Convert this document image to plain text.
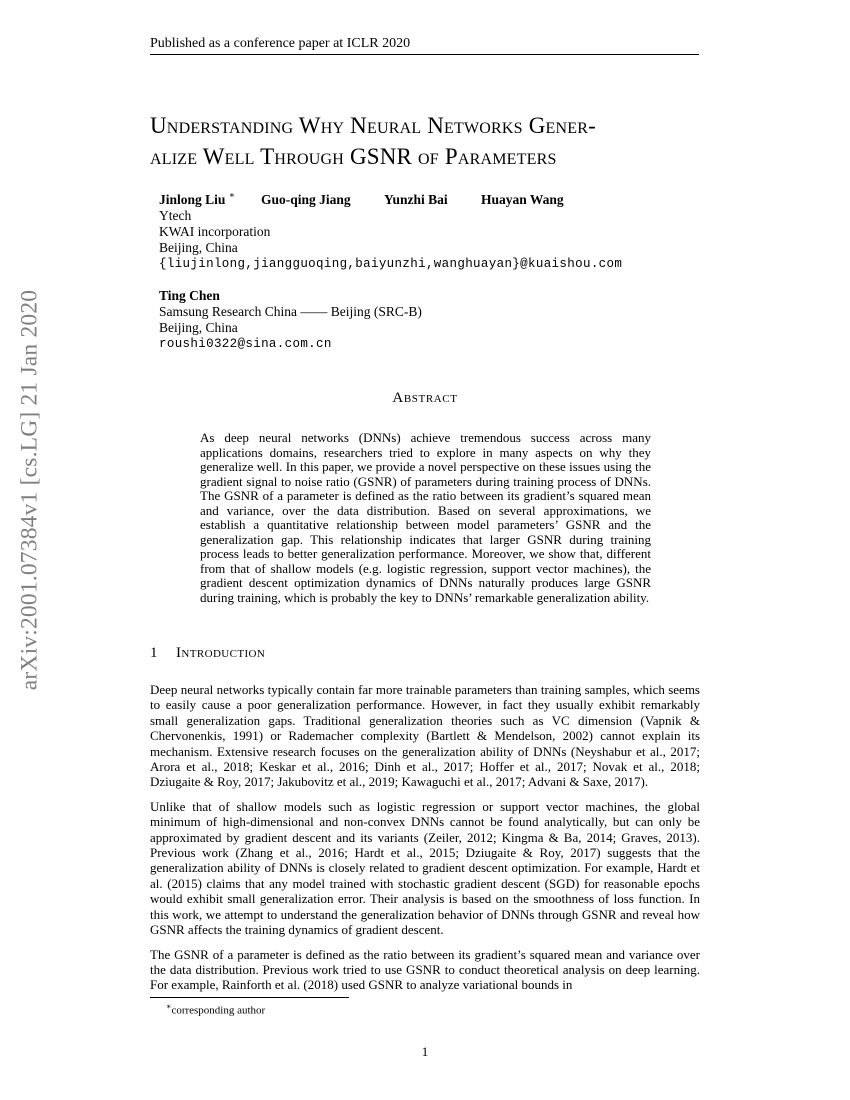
Published as a conference paper at ICLR 2020
arXiv:2001.07384v1 [cs.LG] 21 Jan 2020
Understanding Why Neural Networks Gener-
alize Well Through GSNR of Parameters
Jinlong Liu ∗ Guo-qing Jiang Yunzhi Bai Huayan Wang
Ytech
KWAI incorporation
Beijing, China
{liujinlong,jiangguoqing,baiyunzhi,wanghuayan}@kuaishou.com
Ting Chen
Samsung Research China —— Beijing (SRC-B)
Beijing, China
roushi0322@sina.com.cn
Abstract
As deep neural networks (DNNs) achieve tremendous success across many applications domains, researchers tried to explore in many aspects on why they generalize well. In this paper, we provide a novel perspective on these issues using the gradient signal to noise ratio (GSNR) of parameters during training process of DNNs. The GSNR of a parameter is defined as the ratio between its gradient’s squared mean and variance, over the data distribution. Based on several approximations, we establish a quantitative relationship between model parameters’ GSNR and the generalization gap. This relationship indicates that larger GSNR during training process leads to better generalization performance. Moreover, we show that, different from that of shallow models (e.g. logistic regression, support vector machines), the gradient descent optimization dynamics of DNNs naturally produces large GSNR during training, which is probably the key to DNNs’ remarkable generalization ability.
1 Introduction

Deep neural networks typically contain far more trainable parameters than training samples, which seems to easily cause a poor generalization performance. However, in fact they usually exhibit remarkably small generalization gaps. Traditional generalization theories such as VC dimension (Vapnik & Chervonenkis, 1991) or Rademacher complexity (Bartlett & Mendelson, 2002) cannot explain its mechanism. Extensive research focuses on the generalization ability of DNNs (Neyshabur et al., 2017; Arora et al., 2018; Keskar et al., 2016; Dinh et al., 2017; Hoffer et al., 2017; Novak et al., 2018; Dziugaite & Roy, 2017; Jakubovitz et al., 2019; Kawaguchi et al., 2017; Advani & Saxe, 2017).

Unlike that of shallow models such as logistic regression or support vector machines, the global minimum of high-dimensional and non-convex DNNs cannot be found analytically, but can only be approximated by gradient descent and its variants (Zeiler, 2012; Kingma & Ba, 2014; Graves, 2013). Previous work (Zhang et al., 2016; Hardt et al., 2015; Dziugaite & Roy, 2017) suggests that the generalization ability of DNNs is closely related to gradient descent optimization. For example, Hardt et al. (2015) claims that any model trained with stochastic gradient descent (SGD) for reasonable epochs would exhibit small generalization error. Their analysis is based on the smoothness of loss function. In this work, we attempt to understand the generalization behavior of DNNs through GSNR and reveal how GSNR affects the training dynamics of gradient descent.

The GSNR of a parameter is defined as the ratio between its gradient’s squared mean and variance over the data distribution. Previous work tried to use GSNR to conduct theoretical analysis on deep learning. For example, Rainforth et al. (2018) used GSNR to analyze variational bounds in

∗corresponding author
1
